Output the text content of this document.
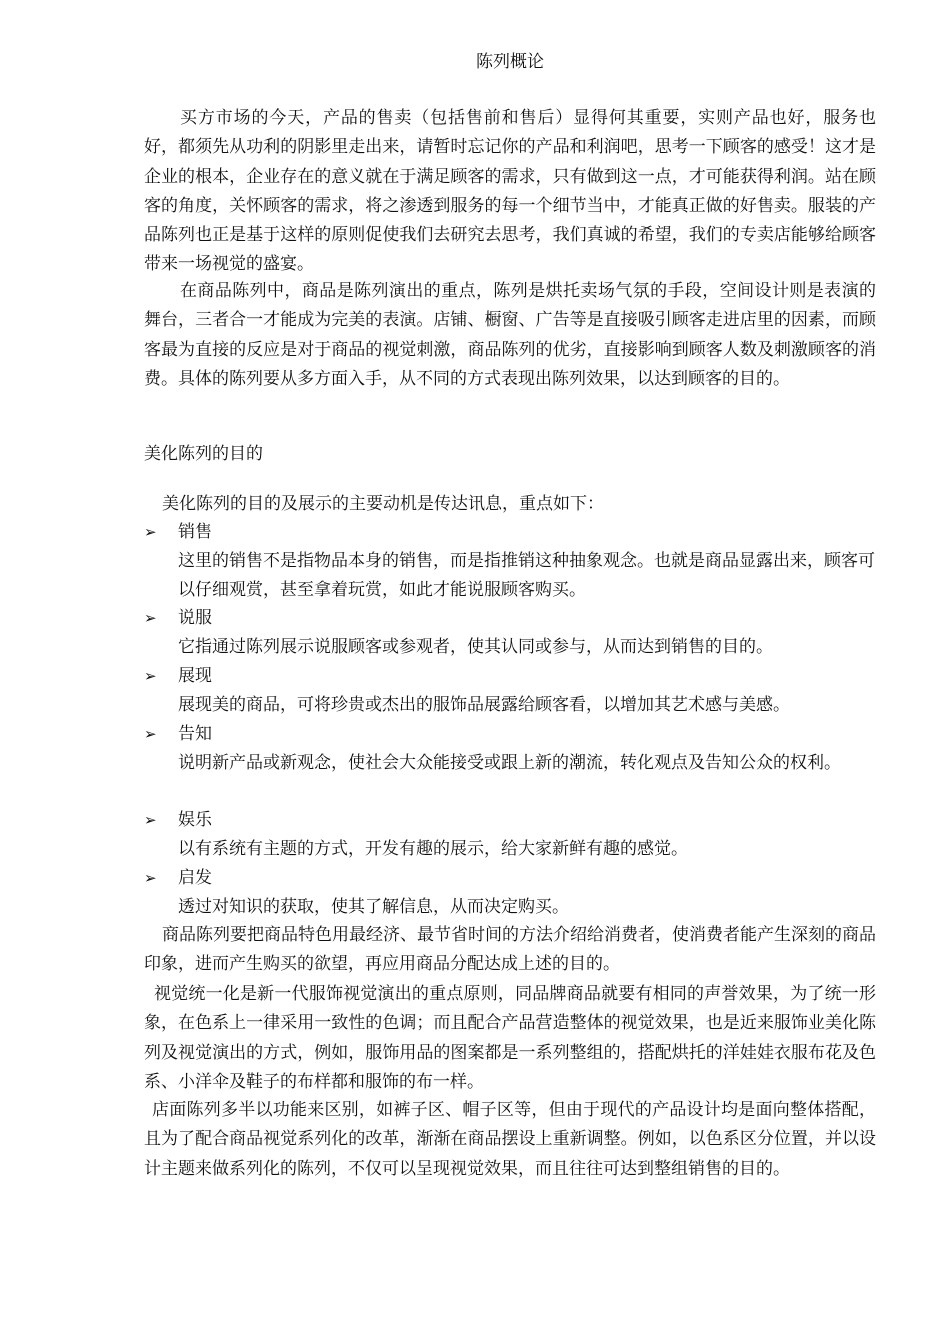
陈列概论

买方市场的今天，产品的售卖（包括售前和售后）显得何其重要，实则产品也好，服务也好，都须先从功利的阴影里走出来，请暂时忘记你的产品和利润吧，思考一下顾客的感受！这才是企业的根本，企业存在的意义就在于满足顾客的需求，只有做到这一点，才可能获得利润。站在顾客的角度，关怀顾客的需求，将之渗透到服务的每一个细节当中，才能真正做的好售卖。服装的产品陈列也正是基于这样的原则促使我们去研究去思考，我们真诚的希望，我们的专卖店能够给顾客带来一场视觉的盛宴。

在商品陈列中，商品是陈列演出的重点，陈列是烘托卖场气氛的手段，空间设计则是表演的舞台，三者合一才能成为完美的表演。店铺、橱窗、广告等是直接吸引顾客走进店里的因素，而顾客最为直接的反应是对于商品的视觉刺激，商品陈列的优劣，直接影响到顾客人数及刺激顾客的消费。具体的陈列要从多方面入手，从不同的方式表现出陈列效果，以达到顾客的目的。

美化陈列的目的

美化陈列的目的及展示的主要动机是传达讯息，重点如下：

➢	销售

这里的销售不是指物品本身的销售，而是指推销这种抽象观念。也就是商品显露出来，顾客可以仔细观赏，甚至拿着玩赏，如此才能说服顾客购买。

➢	说服

它指通过陈列展示说服顾客或参观者，使其认同或参与，从而达到销售的目的。

➢	展现

展现美的商品，可将珍贵或杰出的服饰品展露给顾客看，以增加其艺术感与美感。

➢	告知

说明新产品或新观念，使社会大众能接受或跟上新的潮流，转化观点及告知公众的权利。

➢	娱乐

以有系统有主题的方式，开发有趣的展示，给大家新鲜有趣的感觉。

➢	启发

透过对知识的获取，使其了解信息，从而决定购买。

商品陈列要把商品特色用最经济、最节省时间的方法介绍给消费者，使消费者能产生深刻的商品印象，进而产生购买的欲望，再应用商品分配达成上述的目的。

视觉统一化是新一代服饰视觉演出的重点原则，同品牌商品就要有相同的声誉效果，为了统一形象，在色系上一律采用一致性的色调；而且配合产品营造整体的视觉效果，也是近来服饰业美化陈列及视觉演出的方式，例如，服饰用品的图案都是一系列整组的，搭配烘托的洋娃娃衣服布花及色系、小洋伞及鞋子的布样都和服饰的布一样。

店面陈列多半以功能来区别，如裤子区、帽子区等，但由于现代的产品设计均是面向整体搭配，且为了配合商品视觉系列化的改革，渐渐在商品摆设上重新调整。例如，以色系区分位置，并以设计主题来做系列化的陈列，不仅可以呈现视觉效果，而且往往可达到整组销售的目的。
